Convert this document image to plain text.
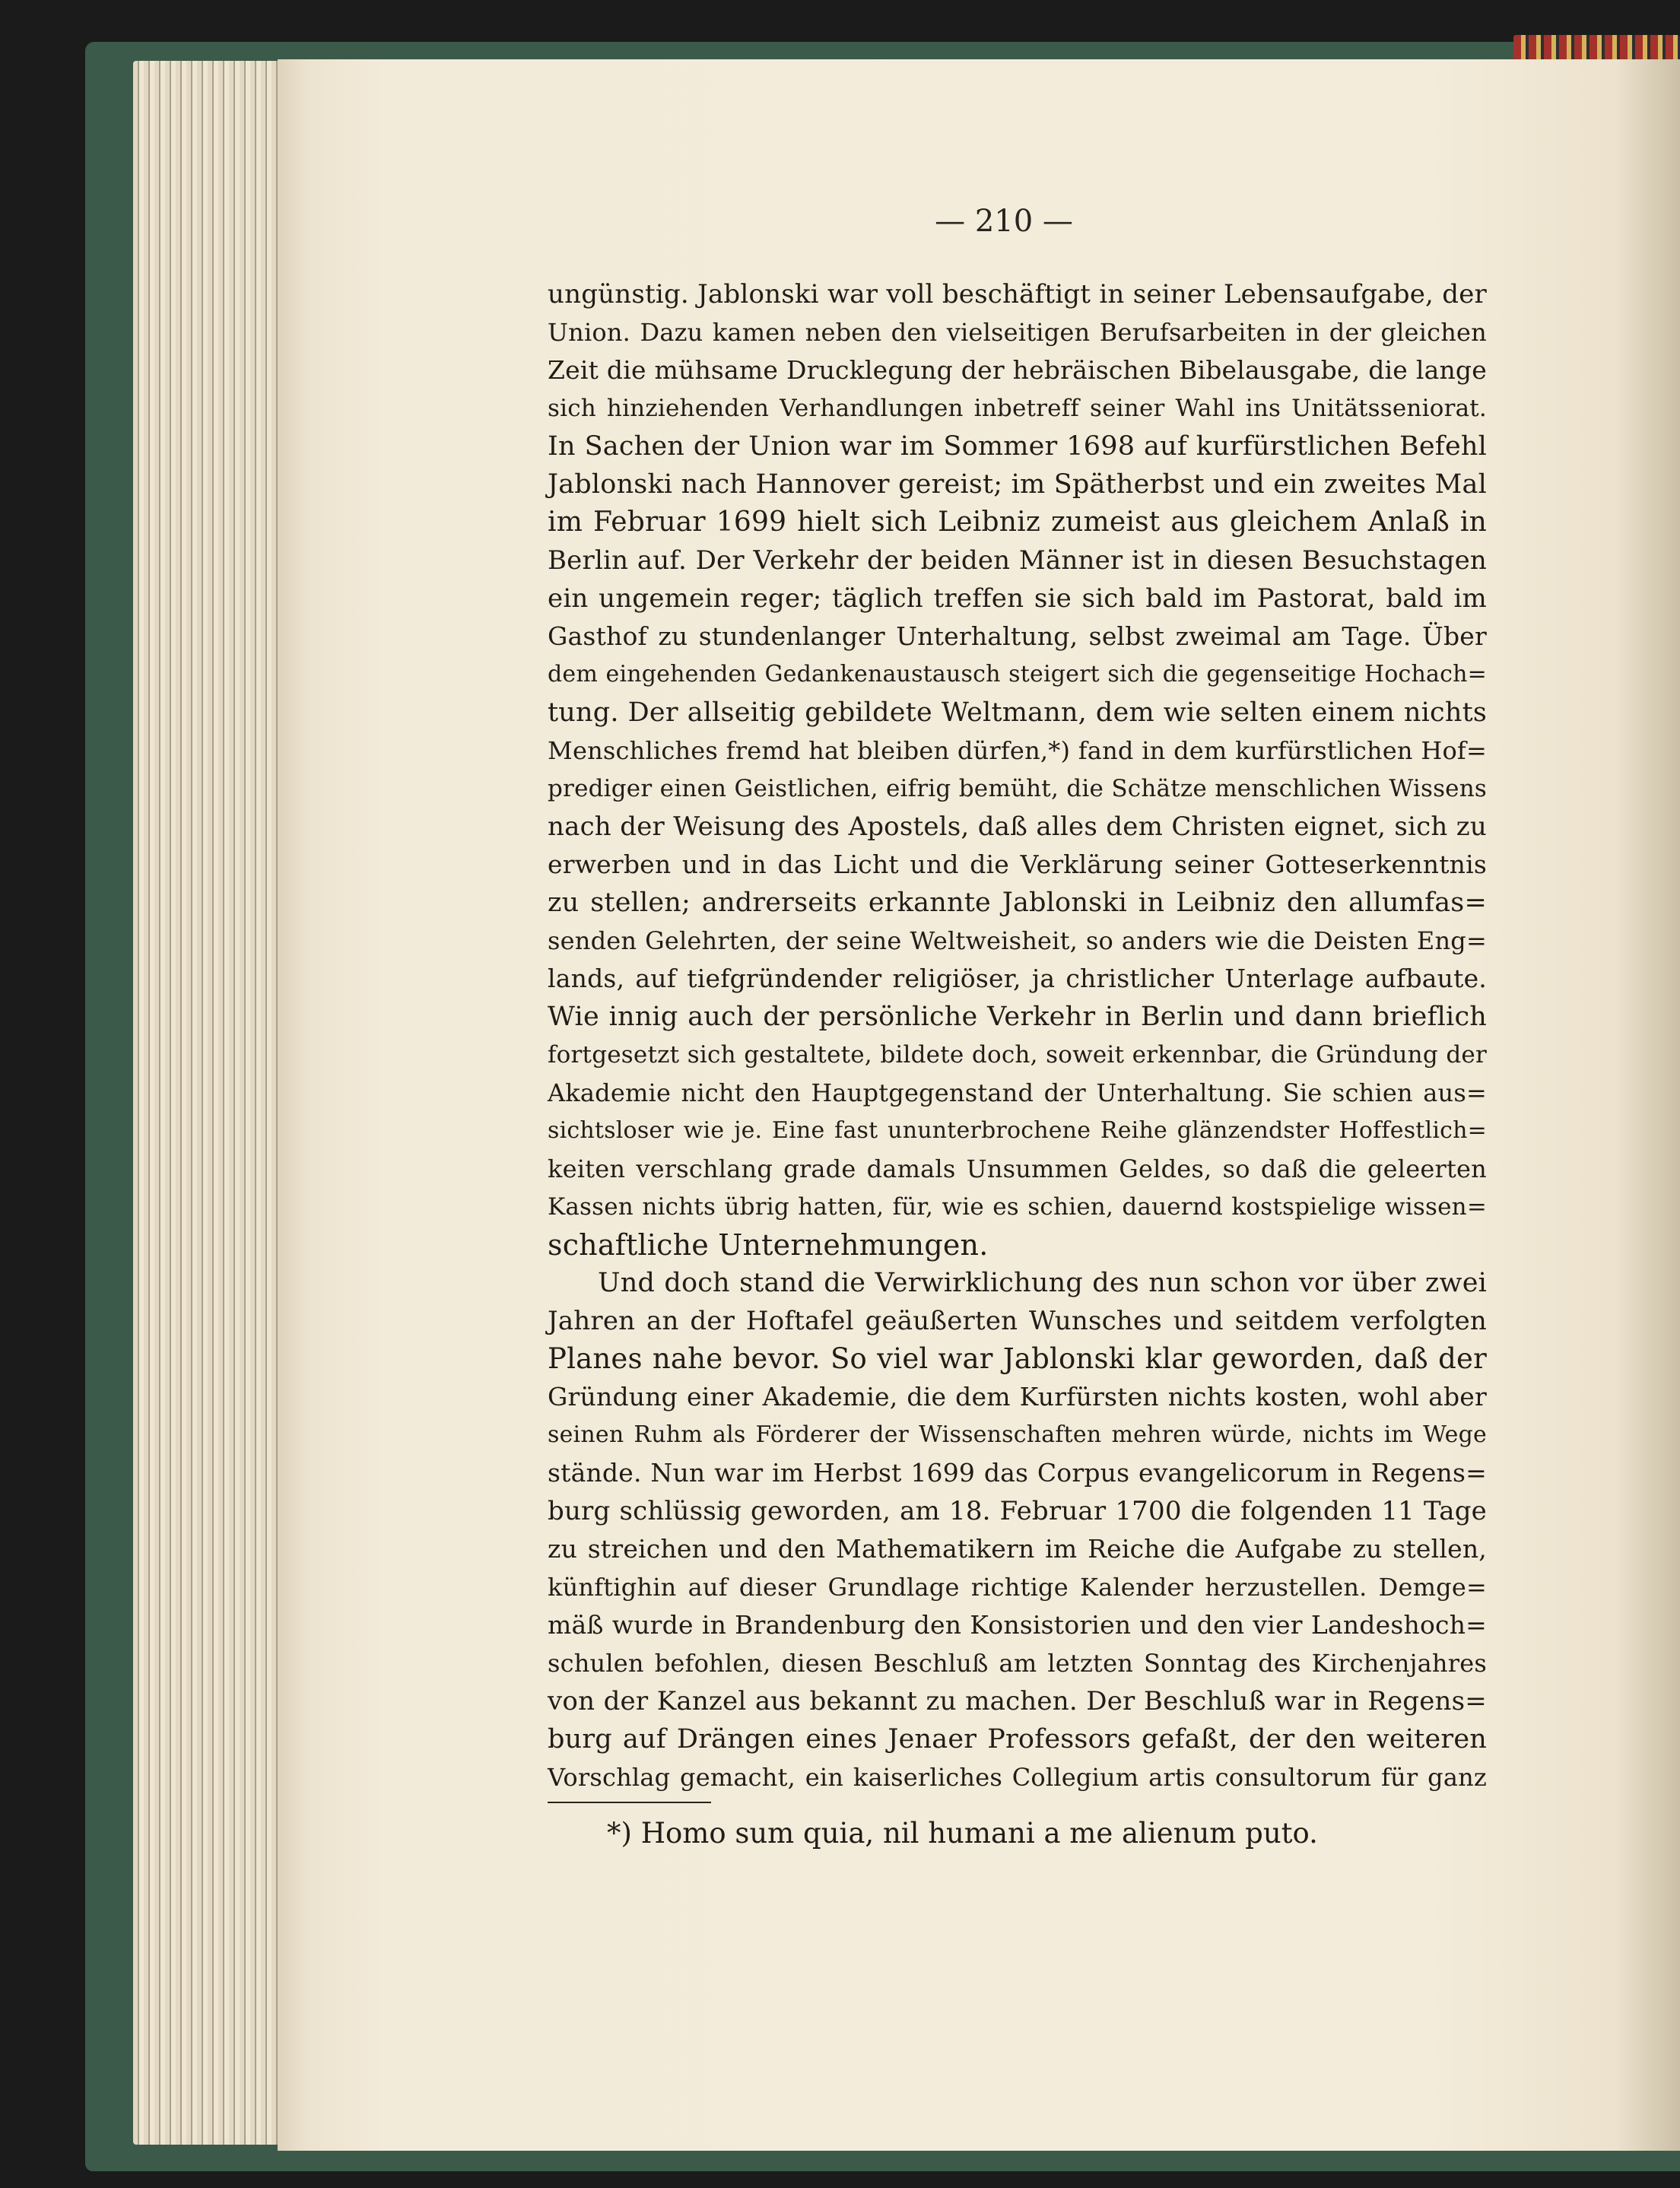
— 210 —
ungünstig. Jablonski war voll beschäftigt in seiner Lebensaufgabe, der
Union. Dazu kamen neben den vielseitigen Berufsarbeiten in der gleichen
Zeit die mühsame Drucklegung der hebräischen Bibelausgabe, die lange
sich hinziehenden Verhandlungen inbetreff seiner Wahl ins Unitätsseniorat.
In Sachen der Union war im Sommer 1698 auf kurfürstlichen Befehl
Jablonski nach Hannover gereist; im Spätherbst und ein zweites Mal
im Februar 1699 hielt sich Leibniz zumeist aus gleichem Anlaß in
Berlin auf. Der Verkehr der beiden Männer ist in diesen Besuchstagen
ein ungemein reger; täglich treffen sie sich bald im Pastorat, bald im
Gasthof zu stundenlanger Unterhaltung, selbst zweimal am Tage. Über
dem eingehenden Gedankenaustausch steigert sich die gegenseitige Hochach=
tung. Der allseitig gebildete Weltmann, dem wie selten einem nichts
Menschliches fremd hat bleiben dürfen,*) fand in dem kurfürstlichen Hof=
prediger einen Geistlichen, eifrig bemüht, die Schätze menschlichen Wissens
nach der Weisung des Apostels, daß alles dem Christen eignet, sich zu
erwerben und in das Licht und die Verklärung seiner Gotteserkenntnis
zu stellen; andrerseits erkannte Jablonski in Leibniz den allumfas=
senden Gelehrten, der seine Weltweisheit, so anders wie die Deisten Eng=
lands, auf tiefgründender religiöser, ja christlicher Unterlage aufbaute.
Wie innig auch der persönliche Verkehr in Berlin und dann brieflich
fortgesetzt sich gestaltete, bildete doch, soweit erkennbar, die Gründung der
Akademie nicht den Hauptgegenstand der Unterhaltung. Sie schien aus=
sichtsloser wie je. Eine fast ununterbrochene Reihe glänzendster Hoffestlich=
keiten verschlang grade damals Unsummen Geldes, so daß die geleerten
Kassen nichts übrig hatten, für, wie es schien, dauernd kostspielige wissen=
schaftliche Unternehmungen.
Und doch stand die Verwirklichung des nun schon vor über zwei
Jahren an der Hoftafel geäußerten Wunsches und seitdem verfolgten
Planes nahe bevor. So viel war Jablonski klar geworden, daß der
Gründung einer Akademie, die dem Kurfürsten nichts kosten, wohl aber
seinen Ruhm als Förderer der Wissenschaften mehren würde, nichts im Wege
stände. Nun war im Herbst 1699 das Corpus evangelicorum in Regens=
burg schlüssig geworden, am 18. Februar 1700 die folgenden 11 Tage
zu streichen und den Mathematikern im Reiche die Aufgabe zu stellen,
künftighin auf dieser Grundlage richtige Kalender herzustellen. Demge=
mäß wurde in Brandenburg den Konsistorien und den vier Landeshoch=
schulen befohlen, diesen Beschluß am letzten Sonntag des Kirchenjahres
von der Kanzel aus bekannt zu machen. Der Beschluß war in Regens=
burg auf Drängen eines Jenaer Professors gefaßt, der den weiteren
Vorschlag gemacht, ein kaiserliches Collegium artis consultorum für ganz
*) Homo sum quia, nil humani a me alienum puto.
